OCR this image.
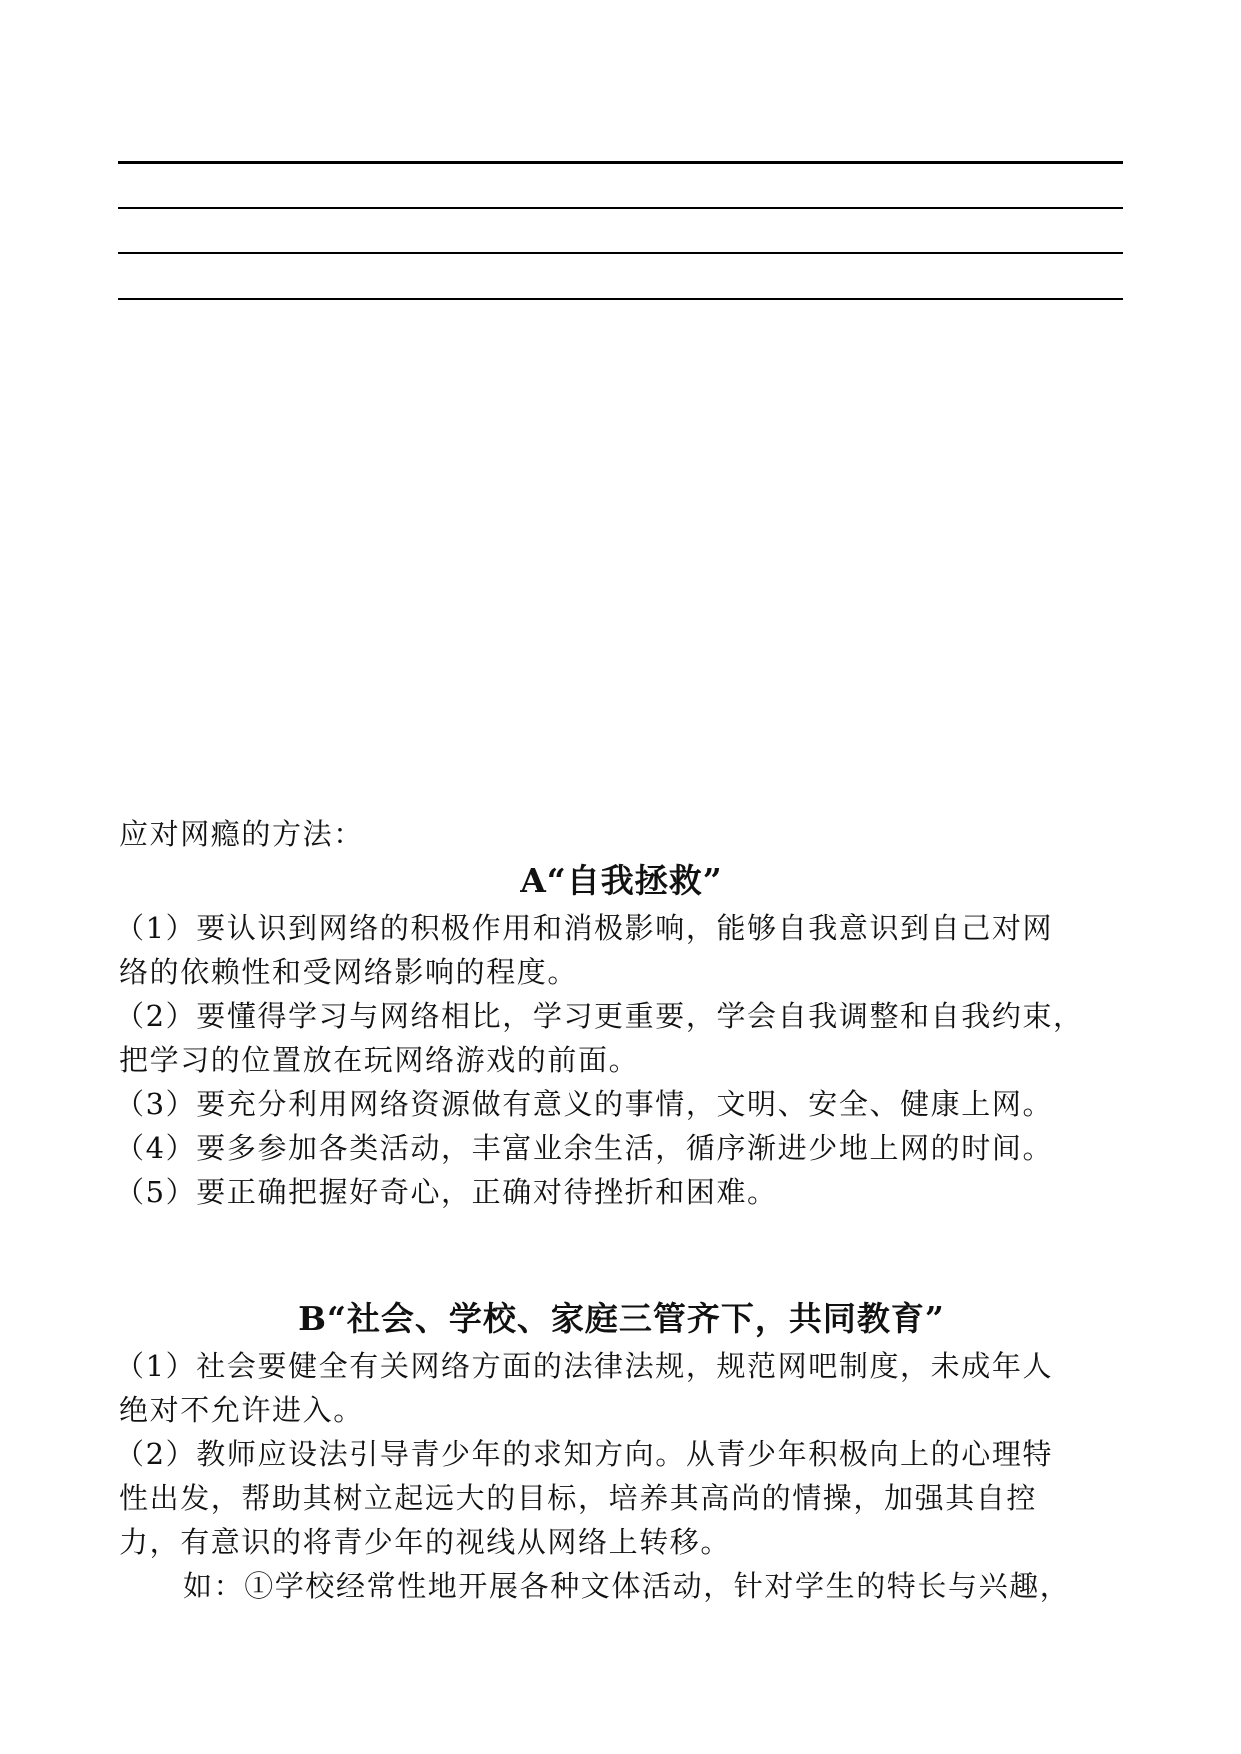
应对网瘾的方法：
A“自我拯救”
（1）要认识到网络的积极作用和消极影响，能够自我意识到自己对网
络的依赖性和受网络影响的程度。
（2）要懂得学习与网络相比，学习更重要，学会自我调整和自我约束，
把学习的位置放在玩网络游戏的前面。
（3）要充分利用网络资源做有意义的事情，文明、安全、健康上网。
（4）要多参加各类活动，丰富业余生活，循序渐进少地上网的时间。
（5）要正确把握好奇心，正确对待挫折和困难。
B“社会、学校、家庭三管齐下，共同教育”
（1）社会要健全有关网络方面的法律法规，规范网吧制度，未成年人
绝对不允许进入。
（2）教师应设法引导青少年的求知方向。从青少年积极向上的心理特
性出发，帮助其树立起远大的目标，培养其高尚的情操，加强其自控
力，有意识的将青少年的视线从网络上转移。
如：①学校经常性地开展各种文体活动，针对学生的特长与兴趣，
